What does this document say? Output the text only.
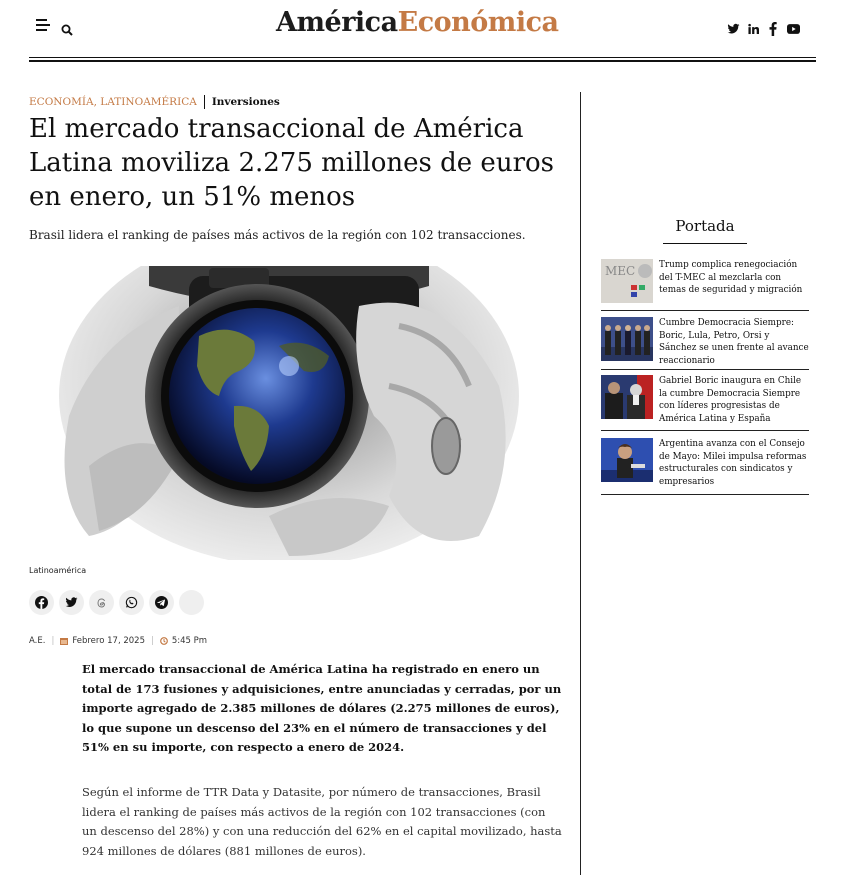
AméricaEconómica
ECONOMÍA, LATINOAMÉRICA Inversiones
El mercado transaccional de América Latina moviliza 2.275 millones de euros en enero, un 51% menos

Brasil lidera el ranking de países más activos de la región con 102 transacciones.

Latinoamérica
A.E. | Febrero 17, 2025 | 5:45 Pm

El mercado transaccional de América Latina ha registrado en enero un total de 173 fusiones y adquisiciones, entre anunciadas y cerradas, por un importe agregado de 2.385 millones de dólares (2.275 millones de euros), lo que supone un descenso del 23% en el número de transacciones y del 51% en su importe, con respecto a enero de 2024.

Según el informe de TTR Data y Datasite, por número de transacciones, Brasil lidera el ranking de países más activos de la región con 102 transacciones (con un descenso del 28%) y con una reducción del 62% en el capital movilizado, hasta 924 millones de dólares (881 millones de euros).

Portada
MEC	Trump complica renegociación del T-MEC al mezclarla con temas de seguridad y migración
Cumbre Democracia Siempre: Boric, Lula, Petro, Orsi y Sánchez se unen frente al avance reaccionario
Gabriel Boric inaugura en Chile la cumbre Democracia Siempre con líderes progresistas de América Latina y España
Argentina avanza con el Consejo de Mayo: Milei impulsa reformas estructurales con sindicatos y empresarios
